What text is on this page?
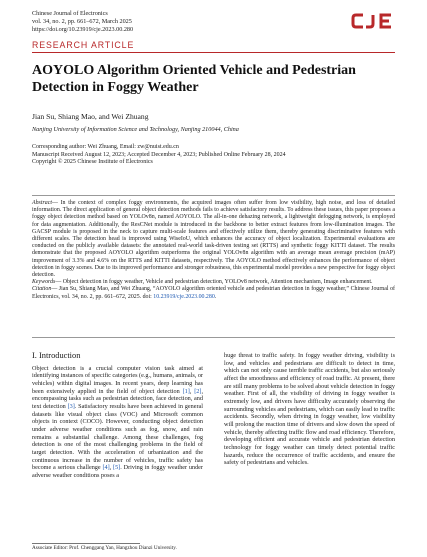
Chinese Journal of Electronics
vol. 34, no. 2, pp. 661–672, March 2025
https://doi.org/10.23919/cje.2023.00.280
RESEARCH ARTICLE
AOYOLO Algorithm Oriented Vehicle and Pedestrian Detection in Foggy Weather
Jian Su, Shiang Mao, and Wei Zhuang
Nanjing University of Information Science and Technology, Nanjing 210044, China
Corresponding author: Wei Zhuang, Email: zw@nuist.edu.cn
Manuscript Received August 12, 2023; Accepted December 4, 2023; Published Online February 28, 2024
Copyright © 2025 Chinese Institute of Electronics

Abstract— In the context of complex foggy environments, the acquired images often suffer from low visibility, high noise, and loss of detailed information. The direct application of general object detection methods fails to achieve satisfactory results. To address these issues, this paper proposes a foggy object detection method based on YOLOv8n, named AOYOLO. The all-in-one dehazing network, a lightweight defogging network, is employed for data augmentation. Additionally, the ResCNet module is introduced in the backbone to better extract features from low-illumination images. The GACSP module is proposed in the neck to capture multi-scale features and effectively utilize them, thereby generating discriminative features with different scales. The detection head is improved using WiseIoU, which enhances the accuracy of object localization. Experimental evaluations are conducted on the publicly available datasets: the annotated real-world task-driven testing set (RTTS) and synthetic foggy KITTI dataset. The results demonstrate that the proposed AOYOLO algorithm outperforms the original YOLOv8n algorithm with an average mean average precision (mAP) improvement of 3.3% and 4.6% on the RTTS and KITTI datasets, respectively. The AOYOLO method effectively enhances the performance of object detection in foggy scenes. Due to its improved performance and stronger robustness, this experimental model provides a new perspective for foggy object detection.

Keywords— Object detection in foggy weather, Vehicle and pedestrian detection, YOLOv8 network, Attention mechanism, Image enhancement.

Citation— Jian Su, Shiang Mao, and Wei Zhuang, “AOYOLO algorithm oriented vehicle and pedestrian detection in foggy weather,” Chinese Journal of Electronics, vol. 34, no. 2, pp. 661–672, 2025. doi: 10.23919/cje.2023.00.280.

I. Introduction

Object detection is a crucial computer vision task aimed at identifying instances of specific categories (e.g., humans, animals, or vehicles) within digital images. In recent years, deep learning has been extensively applied in the field of object detection [1], [2], encompassing tasks such as pedestrian detection, face detection, and text detection [3]. Satisfactory results have been achieved in general datasets like visual object class (VOC) and Microsoft common objects in context (COCO). However, conducting object detection under adverse weather conditions such as fog, snow, and rain remains a substantial challenge. Among these challenges, fog detection is one of the most challenging problems in the field of target detection. With the acceleration of urbanization and the continuous increase in the number of vehicles, traffic safety has become a serious challenge [4], [5]. Driving in foggy weather under adverse weather conditions poses a

huge threat to traffic safety. In foggy weather driving, visibility is low, and vehicles and pedestrians are difficult to detect in time, which can not only cause terrible traffic accidents, but also seriously affect the smoothness and efficiency of road traffic. At present, there are still many problems to be solved about vehicle detection in foggy weather. First of all, the visibility of driving in foggy weather is extremely low, and drivers have difficulty accurately observing the surrounding vehicles and pedestrians, which can easily lead to traffic accidents. Secondly, when driving in foggy weather, low visibility will prolong the reaction time of drivers and slow down the speed of vehicle, thereby affecting traffic flow and road efficiency. Therefore, developing efficient and accurate vehicle and pedestrian detection technology for foggy weather can timely detect potential traffic hazards, reduce the occurrence of traffic accidents, and ensure the safety of pedestrians and vehicles.

Associate Editor: Prof. Chenggang Yan, Hangzhou Dianzi University.
